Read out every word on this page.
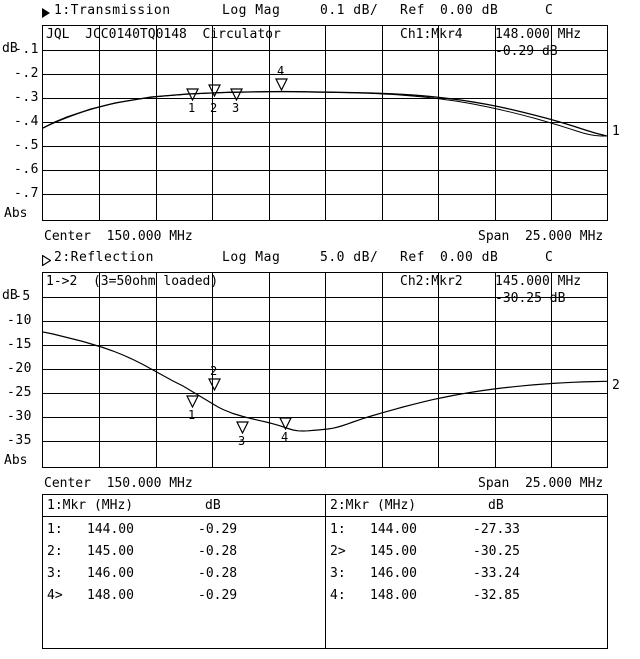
1:Transmission	Log Mag	0.1 dB/ Ref 0.00 dB	C
1 2 3
4
JQL  JCC0140TQ0148  Circulator	Ch1:Mkr4 148.000 MHz
-0.29 dB
dB
-.1
-.2
-.3
-.4
-.5
-.6
-.7
Abs
1
Center  150.000 MHz	Span  25.000 MHz
2:Reflection	Log Mag	5.0 dB/ Ref 0.00 dB	C
1
2
3	4
1->2  (3=50ohm loaded)	Ch2:Mkr2 145.000 MHz
-30.25 dB
dB
-5
-10
-15
-20
-25
-30
-35
Abs
2
Center  150.000 MHz	Span  25.000 MHz
1:Mkr (MHz)	dB	2:Mkr (MHz)	dB
1: 144.00	-0.29
2: 145.00	-0.28
3: 146.00	-0.28
4> 148.00	-0.29
1: 144.00	-27.33
2> 145.00	-30.25
3: 146.00	-33.24
4: 148.00	-32.85
